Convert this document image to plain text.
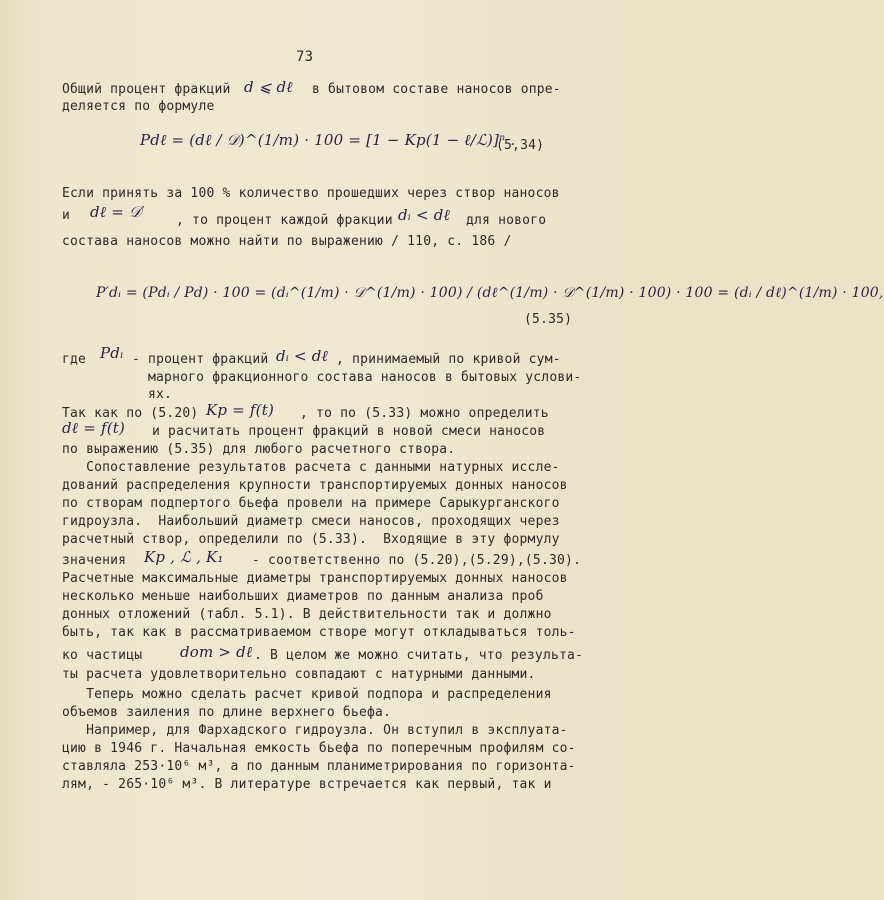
73
Общий процент фракций d ⩽ dℓ в бытовом составе наносов опре-
деляется по формуле
Pdℓ = (dℓ / 𝒟)^(1/m) · 100 = [1 − Kр(1 − ℓ/ℒ)]ⁿ .
(5,34)
Если принять за 100 % количество прошедших через створ наносов
и dℓ = 𝒟′ , то процент каждой фракции dᵢ < dℓ для нового
состава наносов можно найти по выражению / 110, с. 186 /
P′dᵢ = (Pdᵢ / Pd) · 100 = (dᵢ^(1/m) · 𝒟^(1/m) · 100) / (dℓ^(1/m) · 𝒟^(1/m) · 100) · 100 = (dᵢ / dℓ)^(1/m) · 100,
(5.35)
где Pdᵢ - процент фракций dᵢ < dℓ , принимаемый по кривой сум-
марного фракционного состава наносов в бытовых услови-
ях.
Так как по (5.20) Kр = f(t) , то по (5.33) можно определить
dℓ = f(t) и расчитать процент фракций в новой смеси наносов
по выражению (5.35) для любого расчетного створа.
Сопоставление результатов расчета с данными натурных иссле-
дований распределения крупности транспортируемых донных наносов
по створам подпертого бьефа провели на примере Сарыкурганского
гидроузла.  Наибольший диаметр смеси наносов, проходящих через
расчетный створ, определили по (5.33).  Входящие в эту формулу
значения Kр , ℒ , K₁ - соответственно по (5.20),(5.29),(5.30).
Расчетные максимальные диаметры транспортируемых донных наносов
несколько меньше наибольших диаметров по данным анализа проб
донных отложений (табл. 5.1). В действительности так и должно
быть, так как в рассматриваемом створе могут откладываться толь-
ко частицы	dom > dℓ . В целом же можно считать, что результа-
ты расчета удовлетворительно совпадают с натурными данными.
Теперь можно сделать расчет кривой подпора и распределения
объемов заиления по длине верхнего бьефа.
Например, для Фархадского гидроузла. Он вступил в эксплуата-
цию в 1946 г. Начальная емкость бьефа по поперечным профилям со-
ставляла 253·10⁶ м³, а по данным планиметрирования по горизонта-
лям, - 265·10⁶ м³. В литературе встречается как первый, так и
